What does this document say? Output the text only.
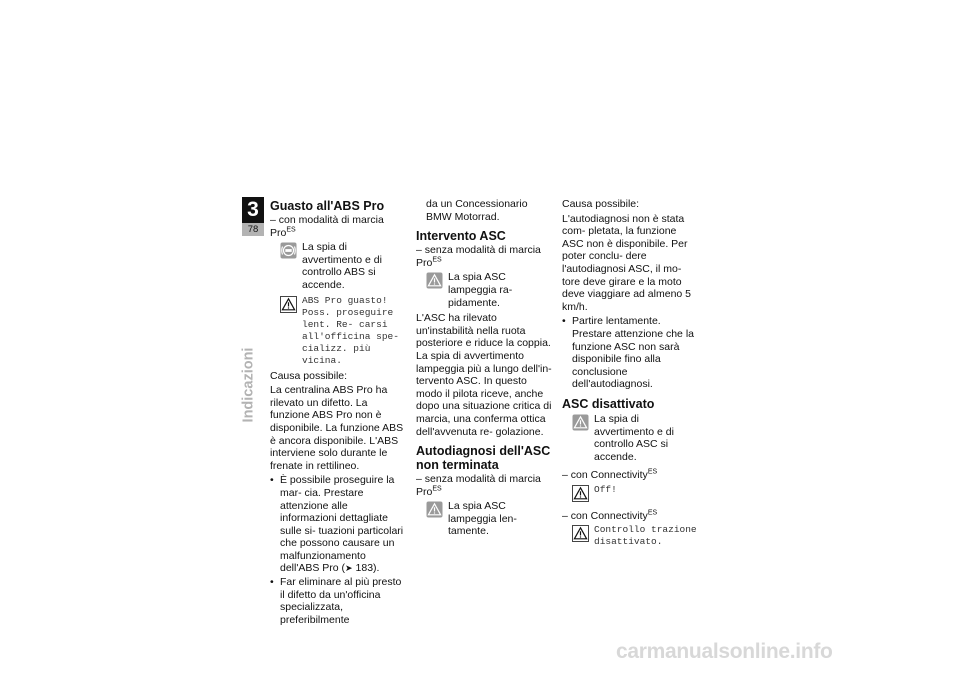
3
78
Indicazioni
Guasto all'ABS Pro

– con modalità di marcia Pro$^{ES}$

La spia di avvertimento e di controllo ABS si accende.
ABS Pro guasto! Poss. proseguire lent. Re- carsi all'officina spe- cializz. più vicina.

Causa possibile:

La centralina ABS Pro ha rilevato un difetto. La funzione ABS Pro non è disponibile. La funzione ABS è ancora disponibile. L'ABS interviene solo durante le frenate in rettilineo.

• È possibile proseguire la mar- cia. Prestare attenzione alle informazioni dettagliate sulle si- tuazioni particolari che possono causare un malfunzionamento dell'ABS Pro (➤ 183).
• Far eliminare al più presto il difetto da un'officina specializzata, preferibilmente

da un Concessionario BMW Motorrad.

Intervento ASC

– senza modalità di marcia Pro$^{ES}$

La spia ASC lampeggia ra- pidamente.

L'ASC ha rilevato un'instabilità nella ruota posteriore e riduce la coppia. La spia di avvertimento lampeggia più a lungo dell'in- tervento ASC. In questo modo il pilota riceve, anche dopo una situazione critica di marcia, una conferma ottica dell'avvenuta re- golazione.

Autodiagnosi dell'ASC non terminata

– senza modalità di marcia Pro$^{ES}$

La spia ASC lampeggia len- tamente.

Causa possibile:

L'autodiagnosi non è stata com- pletata, la funzione ASC non è disponibile. Per poter conclu- dere l'autodiagnosi ASC, il mo- tore deve girare e la moto deve viaggiare ad almeno 5 km/h.

• Partire lentamente. Prestare attenzione che la funzione ASC non sarà disponibile fino alla conclusione dell'autodiagnosi.
ASC disattivato
La spia di avvertimento e di controllo ASC si accende.

– con Connectivity$^{ES}$

Off!

– con Connectivity$^{ES}$

Controllo trazione disattivato.
carmanualsonline.info
